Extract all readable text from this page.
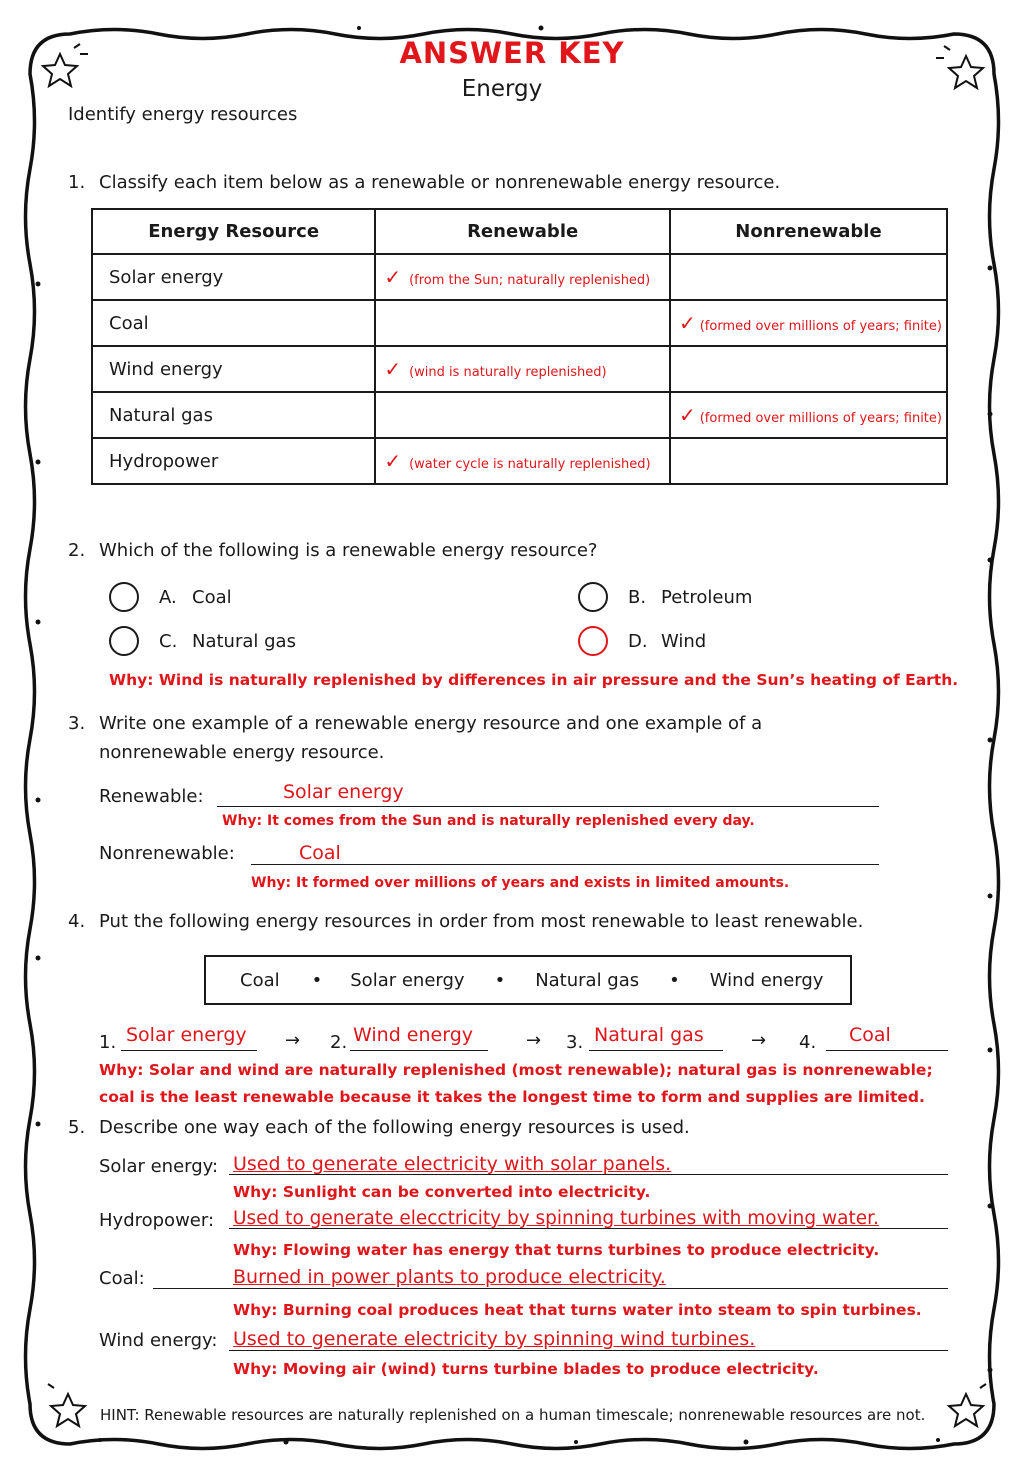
ANSWER KEY
Energy
Identify energy resources
1. Classify each item below as a renewable or nonrenewable energy resource.
Energy Resource	Renewable	Nonrenewable
Solar energy	✓ (from the Sun; naturally replenished)	
Coal		✓ (formed over millions of years; finite)
Wind energy	✓ (wind is naturally replenished)	
Natural gas		✓ (formed over millions of years; finite)
Hydropower	✓ (water cycle is naturally replenished)	
2. Which of the following is a renewable energy resource?
A. Coal	B. Petroleum
C. Natural gas	D. Wind
Why: Wind is naturally replenished by differences in air pressure and the Sun’s heating of Earth.
3. Write one example of a renewable energy resource and one example of a
nonrenewable energy resource.
Renewable:	Solar energy
Why: It comes from the Sun and is naturally replenished every day.
Nonrenewable:	Coal
Why: It formed over millions of years and exists in limited amounts.
4. Put the following energy resources in order from most renewable to least renewable.
Coal • Solar energy • Natural gas • Wind energy
1. Solar energy → 2. Wind energy	→ 3. Natural gas	→ 4. Coal
Why: Solar and wind are naturally replenished (most renewable); natural gas is nonrenewable;
coal is the least renewable because it takes the longest time to form and supplies are limited.
5. Describe one way each of the following energy resources is used.
Solar energy: Used to generate electricity with solar panels.
Why: Sunlight can be converted into electricity.
Hydropower: Used to generate elecctricity by spinning turbines with moving water.
Why: Flowing water has energy that turns turbines to produce electricity.
Coal:	Burned in power plants to produce electricity.
Why: Burning coal produces heat that turns water into steam to spin turbines.
Wind energy: Used to generate electricity by spinning wind turbines.
Why: Moving air (wind) turns turbine blades to produce electricity.
HINT: Renewable resources are naturally replenished on a human timescale; nonrenewable resources are not.
